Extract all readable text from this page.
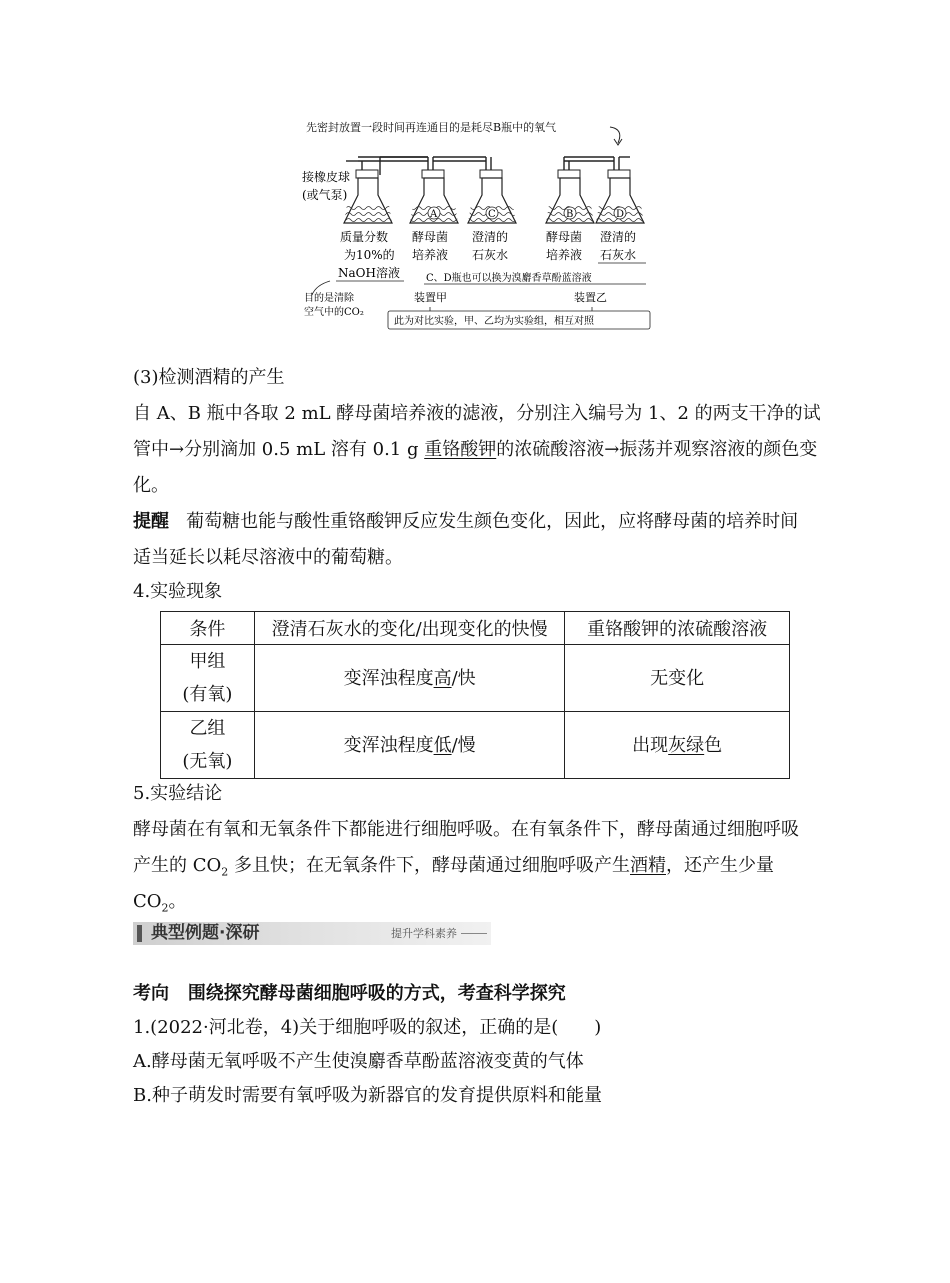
先密封放置一段时间再连通目的是耗尽B瓶中的氧气
A	C	B	D
接橡皮球
(或气泵)
质量分数
为10%的
NaOH溶液
酵母菌
培养液
澄清的
石灰水
酵母菌
培养液
澄清的
石灰水
C、D瓶也可以换为溴麝香草酚蓝溶液
目的是清除
空气中的CO₂
装置甲	装置乙
此为对比实验，甲、乙均为实验组，相互对照
(3)检测酒精的产生
自 A、B 瓶中各取 2 mL 酵母菌培养液的滤液，分别注入编号为 1、2 的两支干净的试
管中→分别滴加 0.5 mL 溶有 0.1 g 重铬酸钾的浓硫酸溶液→振荡并观察溶液的颜色变
化。
提醒 葡萄糖也能与酸性重铬酸钾反应发生颜色变化，因此，应将酵母菌的培养时间
适当延长以耗尽溶液中的葡萄糖。
4.实验现象
条件	澄清石灰水的变化/出现变化的快慢	重铬酸钾的浓硫酸溶液
甲组
(有氧)	变浑浊程度高/快	无变化
乙组
(无氧)	变浑浊程度低/慢	出现灰绿色
5.实验结论
酵母菌在有氧和无氧条件下都能进行细胞呼吸。在有氧条件下，酵母菌通过细胞呼吸
产生的 $CO_2$ 多且快；在无氧条件下，酵母菌通过细胞呼吸产生酒精，还产生少量
$CO_2$。
典型例题·深研	提升学科素养
考向 围绕探究酵母菌细胞呼吸的方式，考查科学探究
1.(2022·河北卷，4)关于细胞呼吸的叙述，正确的是(　　)
A.酵母菌无氧呼吸不产生使溴麝香草酚蓝溶液变黄的气体
B.种子萌发时需要有氧呼吸为新器官的发育提供原料和能量
